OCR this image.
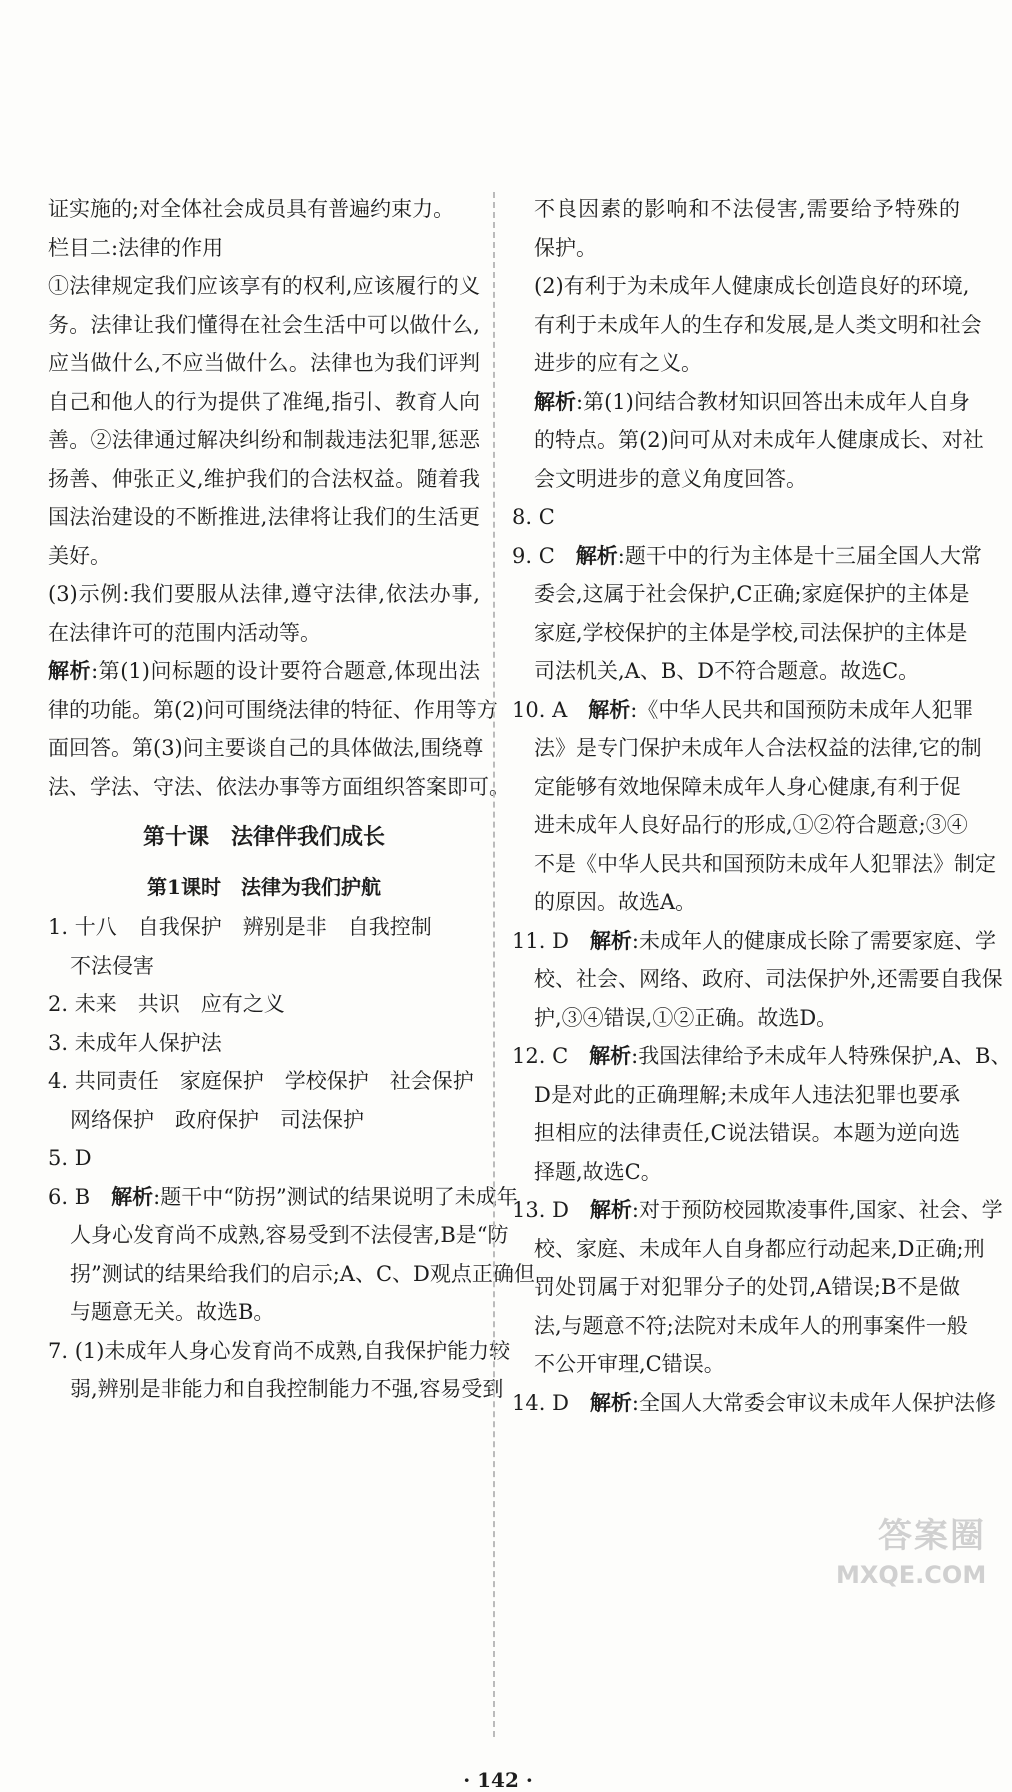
证实施的;对全体社会成员具有普遍约束力。
栏目二:法律的作用
①法律规定我们应该享有的权利,应该履行的义
务。法律让我们懂得在社会生活中可以做什么,
应当做什么,不应当做什么。法律也为我们评判
自己和他人的行为提供了准绳,指引、教育人向
善。②法律通过解决纠纷和制裁违法犯罪,惩恶
扬善、伸张正义,维护我们的合法权益。随着我
国法治建设的不断推进,法律将让我们的生活更
美好。
(3)示例:我们要服从法律,遵守法律,依法办事,
在法律许可的范围内活动等。
解析:第(1)问标题的设计要符合题意,体现出法
律的功能。第(2)问可围绕法律的特征、作用等方
面回答。第(3)问主要谈自己的具体做法,围绕尊
法、学法、守法、依法办事等方面组织答案即可。
第十课　法律伴我们成长
第1课时　法律为我们护航
1. 十八　自我保护　辨别是非　自我控制
不法侵害
2. 未来　共识　应有之义
3. 未成年人保护法
4. 共同责任　家庭保护　学校保护　社会保护
网络保护　政府保护　司法保护
5. D
6. B　解析:题干中“防拐”测试的结果说明了未成年
人身心发育尚不成熟,容易受到不法侵害,B是“防
拐”测试的结果给我们的启示;A、C、D观点正确但
与题意无关。故选B。
7. (1)未成年人身心发育尚不成熟,自我保护能力较
弱,辨别是非能力和自我控制能力不强,容易受到
不良因素的影响和不法侵害,需要给予特殊的
保护。
(2)有利于为未成年人健康成长创造良好的环境,
有利于未成年人的生存和发展,是人类文明和社会
进步的应有之义。
解析:第(1)问结合教材知识回答出未成年人自身
的特点。第(2)问可从对未成年人健康成长、对社
会文明进步的意义角度回答。
8. C
9. C　解析:题干中的行为主体是十三届全国人大常
委会,这属于社会保护,C正确;家庭保护的主体是
家庭,学校保护的主体是学校,司法保护的主体是
司法机关,A、B、D不符合题意。故选C。
10. A　解析:《中华人民共和国预防未成年人犯罪
法》是专门保护未成年人合法权益的法律,它的制
定能够有效地保障未成年人身心健康,有利于促
进未成年人良好品行的形成,①②符合题意;③④
不是《中华人民共和国预防未成年人犯罪法》制定
的原因。故选A。
11. D　解析:未成年人的健康成长除了需要家庭、学
校、社会、网络、政府、司法保护外,还需要自我保
护,③④错误,①②正确。故选D。
12. C　解析:我国法律给予未成年人特殊保护,A、B、
D是对此的正确理解;未成年人违法犯罪也要承
担相应的法律责任,C说法错误。本题为逆向选
择题,故选C。
13. D　解析:对于预防校园欺凌事件,国家、社会、学
校、家庭、未成年人自身都应行动起来,D正确;刑
罚处罚属于对犯罪分子的处罚,A错误;B不是做
法,与题意不符;法院对未成年人的刑事案件一般
不公开审理,C错误。
14. D　解析:全国人大常委会审议未成年人保护法修
· 142 ·
答案圈
MXQE.COM
